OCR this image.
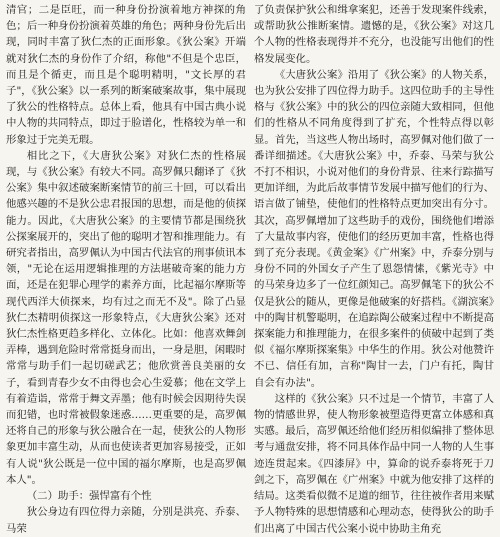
清官；二是臣旺，而一种身份扮演着地方神探的角色；后一种身份扮演着英雄的角色；两种身份先后出现，同时丰富了狄仁杰的正面形象。《狄公案》开端就对狄仁杰的身份作了介绍，称他"不但是个忠臣，而且是个循吏，而且是个聪明精明，"文长厚的君子"，《狄公案》以一系列的断案破案故事，集中展现了狄公的性格特点。总体上看，他具有中国古典小说中人物的共同特点，即过于脸谱化，性格较为单一和形象过于完美无瑕。

相比之下，《大唐狄公案》对狄仁杰的性格展现，与《狄公案》有较大不同。高罗佩只翻译了《狄公案》集中叙述破案断案情节的前三十回，可以看出他感兴趣的不是狄公忠君报国的思想，而是他的侦探能力。因此，《大唐狄公案》的主要情节都是围绕狄公探案展开的，突出了他的聪明才智和推理能力。有研究者指出，高罗佩认为中国古代法官的刑事侦讯本领，"无论在运用逻辑推理的方法堪破奇案的能力方面，还是在犯罪心理学的素养方面，比起福尔摩斯等现代西洋大侦探来，均有过之而无不及"。除了凸显狄仁杰精明侦探这一形象特点，《大唐狄公案》还对狄仁杰性格更趋多样化、立体化。比如：他喜欢舞剑弄棒，遇到危险时常常挺身而出，一身是胆，闲暇时常常与助手们一起切磋武艺；他欣赏善良美丽的女子，看到青春少女不由得也会心生爱慕；他在文学上有着造诣，常常于舞文弄墨；他有时候会因期待失误而犯错，也时常被假象迷惑……更重要的是，高罗佩还将自己的形象与狄公融合在一起，使狄公的人物形象更加丰富生动，从而也使读者更加容易接受，正如有人说"狄公既是一位中国的福尔摩斯，也是高罗佩本人"。

（二）助手：强悍富有个性

狄公身边有四位得力亲随，分别是洪亮、乔泰、马荣

了负责保护狄公和缉拿案犯，还善于发现案件线索，或帮助狄公推断案情。遗憾的是，《狄公案》对这几个人物的性格表现得并不充分，也没能写出他们的性格发展变化。

《大唐狄公案》沿用了《狄公案》的人物关系，也为狄公安排了四位得力助手。这四位助手的主导性格与《狄公案》中的狄公的四位亲随大致相同，但他们的性格从不同角度得到了扩充，个性特点得以彰显。首先，当这些人物出场时，高罗佩对他们做了一番详细描述。《大唐狄公案》中，乔泰、马荣与狄公不打不相识，小说对他们的身份背景、往来行踪描写更加详细，为此后故事情节发展中描写他们的行为、语言做了铺垫，使他们的性格特点更加突出有分寸。其次，高罗佩增加了这些助手的戏份，围绕他们增添了大量故事内容，使他们的经历更加丰富，性格也得到了充分表现。《黄金案》《广州案》中，乔泰分别与身份不同的外国女子产生了恩怨情愫，《紫光寺》中的马荣身边多了一位红颜知己。高罗佩笔下的狄公不仅是狄公的随从，更像是他破案的好搭档。《湖滨案》中的陶甘机警聪明，在追踪陶公破案过程中不断提高探案能力和推理能力，在很多案件的侦破中起到了类似《福尔摩斯探案集》中华生的作用。狄公对他赞许不已、信任有加，言称"陶甘一去，门户有托，陶甘自会有办法"。

这样的《狄公案》只不过是一个情节，丰富了人物的情感世界，使人物形象被塑造得更富立体感和真实感。最后，高罗佩还给他们经历相似编排了整体思考与通盘安排，将不同具体作品中同一人物的人生事迹连贯起来。《四漆屏》中，算命的说乔泰将死于刀剑之下，高罗佩在《广州案》中就为他安排了这样的结局。这类看似微不足道的细节，往往被作者用来赋予人物特殊的思想情感和心理动态，使得狄公的助手们出离了中国古代公案小说中协助主角充
